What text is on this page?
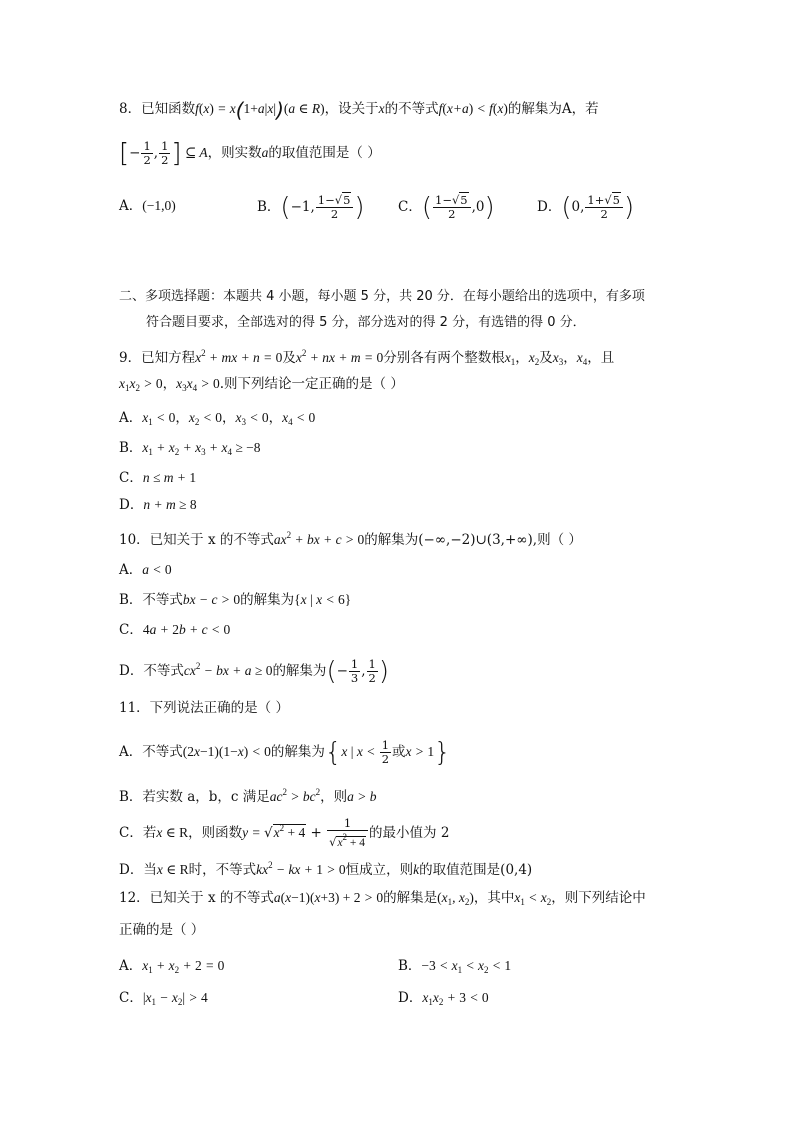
8．已知函数f(x) = x(1+a|x|)(a ∈ R)，设关于x的不等式f(x+a) < f(x)的解集为A，若
[− $\frac{1}{2}$ , $\frac{1}{2}$ ] ⊆ A，则实数a的取值范围是（ ）
A．(−1,0)	B．(−1, $\frac{1-√5}{2}$ ) C．( $\frac{1-√5}{2} ,0$)	D．(0, $\frac{1+√5}{2}$ )
二、多项选择题：本题共 4 小题，每小题 5 分，共 20 分．在每小题给出的选项中，有多项
符合题目要求，全部选对的得 5 分，部分选对的得 2 分，有选错的得 0 分．
9．已知方程$x^2$ + mx + n = 0及$x^2$ + nx + m = 0分别各有两个整数根$x_1$，$x_2$及$x_3$，$x_4$，且
$x_1x_2 > 0$，$x_3x_4 > 0$.则下列结论一定正确的是（ ）
A．$x_1 < 0$，$x_2 < 0$，$x_3 < 0$，$x_4 < 0$
B．$x_1 + x_2 + x_3 + x_4 \ge -8$
C．n ≤ m + 1
D．n + m ≥ 8
10．已知关于 x 的不等式$ax^2$ + bx + c > 0的解集为(−∞,−2)∪(3,+∞),则（ ）
A．a < 0
B．不等式bx − c > 0的解集为{x | x < 6}
C．4a + 2b + c < 0
D．不等式$cx^2$ − bx + a ≥ 0的解集为(− $\frac{1}{3}$ , $\frac{1}{2}$ )
11．下列说法正确的是（ ）
A．不等式(2x−1)(1−x) < 0的解集为{x | $x < \frac{1}{2}$ 或x > 1}
B．若实数 a，b，c 满足$ac^2 > bc^2$，则a > b
C．若x ∈ R，则函数$y = √x^2 + 4 + \frac{1}{√x^2 + 4}$ 的最小值为 2
D．当x ∈ R时，不等式$kx^2$ − kx + 1 > 0恒成立，则k的取值范围是(0,4)
12．已知关于 x 的不等式a(x−1)(x+3) + 2 > 0的解集是($x_1$, $x_2$)，其中$x_1 < x_2$，则下列结论中
正确的是（ ）
A．$x_1 + x_2 + 2 = 0$	B．$-3 < x_1 < x_2 < 1$
C．$|x_1 - x_2| > 4$	D．$x_1x_2 + 3 < 0$
